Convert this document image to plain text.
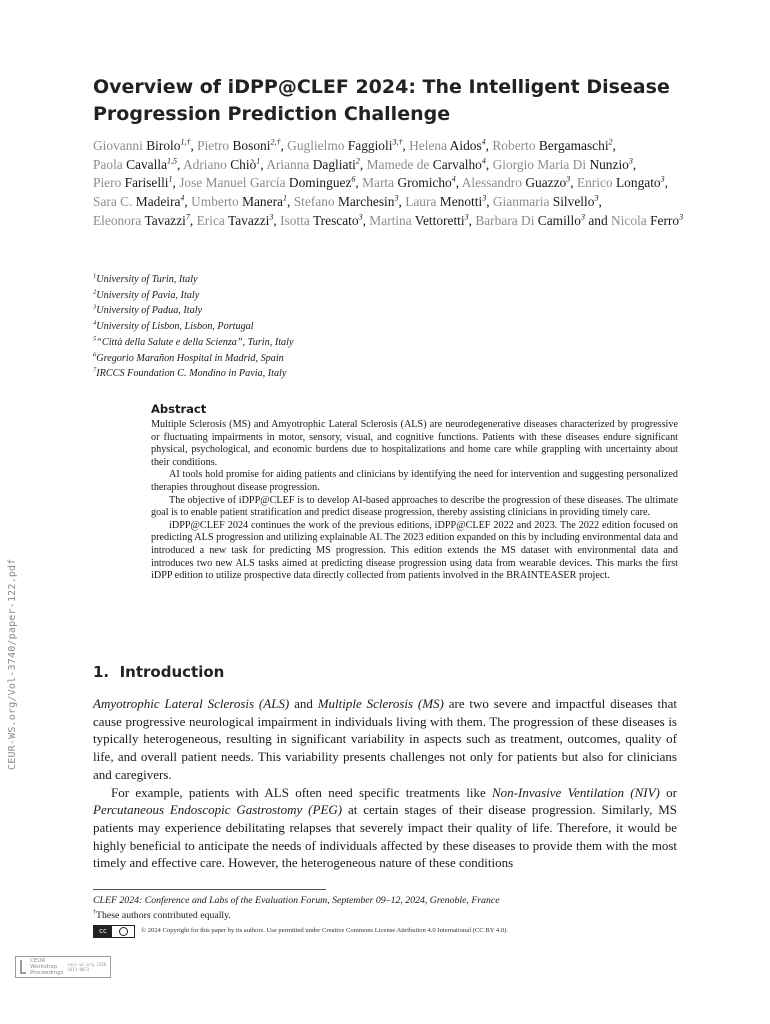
CEUR-WS.org/Vol-3740/paper-122.pdf
Overview of iDPP@CLEF 2024: The Intelligent Disease Progression Prediction Challenge
Giovanni Birolo$^{1,\dagger}$, Pietro Bosoni$^{2,\dagger}$, Guglielmo Faggioli$^{3,\dagger}$, Helena Aidos$^4$, Roberto Bergamaschi$^2$, Paola Cavalla$^{1,5}$, Adriano Chiò$^1$, Arianna Dagliati$^2$, Mamede de Carvalho$^4$, Giorgio Maria Di Nunzio$^3$, Piero Fariselli$^1$, Jose Manuel García Dominguez$^6$, Marta Gromicho$^4$, Alessandro Guazzo$^3$, Enrico Longato$^3$, Sara C. Madeira$^4$, Umberto Manera$^1$, Stefano Marchesin$^3$, Laura Menotti$^3$, Gianmaria Silvello$^3$, Eleonora Tavazzi$^7$, Erica Tavazzi$^3$, Isotta Trescato$^3$, Martina Vettoretti$^3$, Barbara Di Camillo$^3$ and Nicola Ferro$^3$
$^1$University of Turin, Italy
$^2$University of Pavia, Italy
$^3$University of Padua, Italy
$^4$University of Lisbon, Lisbon, Portugal
$^5$“Città della Salute e della Scienza”, Turin, Italy
$^6$Gregorio Marañon Hospital in Madrid, Spain
$^7$IRCCS Foundation C. Mondino in Pavia, Italy
Abstract

Multiple Sclerosis (MS) and Amyotrophic Lateral Sclerosis (ALS) are neurodegenerative diseases characterized by progressive or fluctuating impairments in motor, sensory, visual, and cognitive functions. Patients with these diseases endure significant physical, psychological, and economic burdens due to hospitalizations and home care while grappling with uncertainty about their conditions.

AI tools hold promise for aiding patients and clinicians by identifying the need for intervention and suggesting personalized therapies throughout disease progression.

The objective of iDPP@CLEF is to develop AI-based approaches to describe the progression of these diseases. The ultimate goal is to enable patient stratification and predict disease progression, thereby assisting clinicians in providing timely care.

iDPP@CLEF 2024 continues the work of the previous editions, iDPP@CLEF 2022 and 2023. The 2022 edition focused on predicting ALS progression and utilizing explainable AI. The 2023 edition expanded on this by including environmental data and introduced a new task for predicting MS progression. This edition extends the MS dataset with environmental data and introduces two new ALS tasks aimed at predicting disease progression using data from wearable devices. This marks the first iDPP edition to utilize prospective data directly collected from patients involved in the BRAINTEASER project.

1. Introduction

Amyotrophic Lateral Sclerosis (ALS) and Multiple Sclerosis (MS) are two severe and impactful diseases that cause progressive neurological impairment in individuals living with them. The progression of these diseases is typically heterogeneous, resulting in significant variability in aspects such as treatment, outcomes, quality of life, and overall patient needs. This variability presents challenges not only for patients but also for clinicians and caregivers.

For example, patients with ALS often need specific treatments like Non-Invasive Ventilation (NIV) or Percutaneous Endoscopic Gastrostomy (PEG) at certain stages of their disease progression. Similarly, MS patients may experience debilitating relapses that severely impact their quality of life. Therefore, it would be highly beneficial to anticipate the needs of individuals affected by these diseases to provide them with the most timely and effective care. However, the heterogeneous nature of these conditions

CLEF 2024: Conference and Labs of the Evaluation Forum, September 09–12, 2024, Grenoble, France
†These authors contributed equally.
cc	© 2024 Copyright for this paper by its authors. Use permitted under Creative Commons License Attribution 4.0 International (CC BY 4.0).
CEUR
Workshop
Proceedings
ceur-ws.org ISSN 1613-0073
